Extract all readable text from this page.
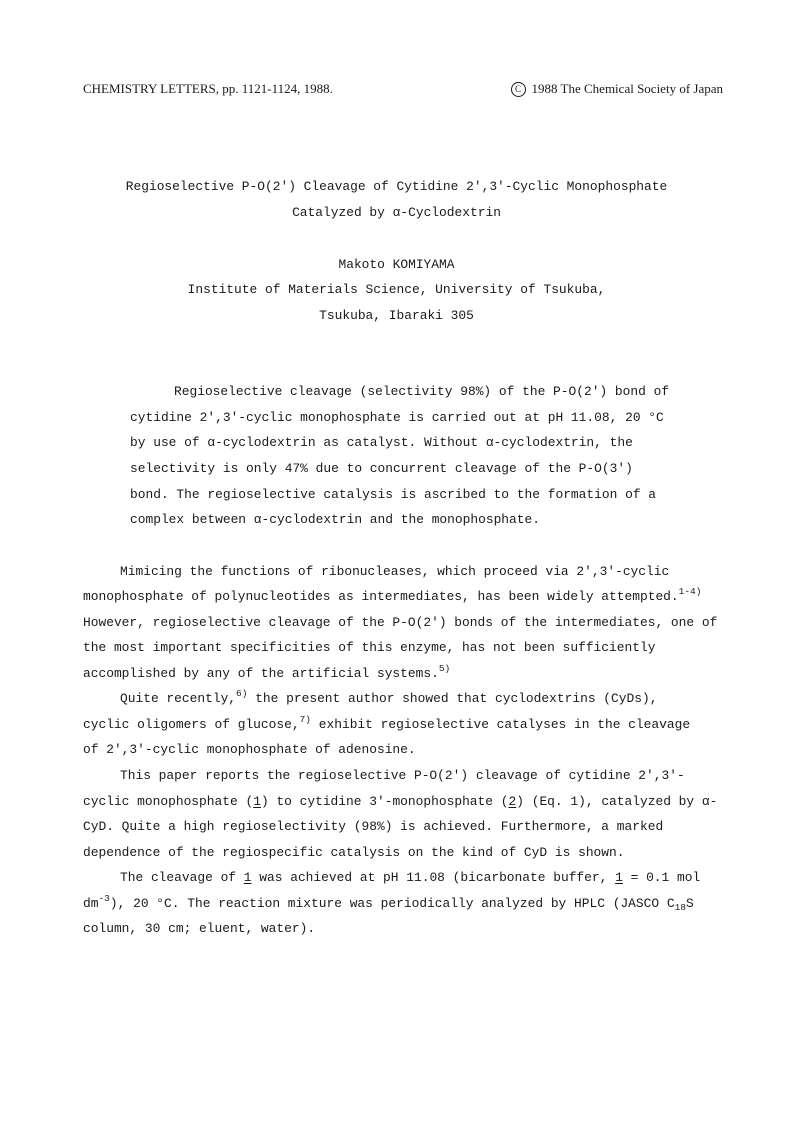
CHEMISTRY LETTERS, pp. 1121-1124, 1988.	C 1988 The Chemical Society of Japan
Regioselective P-O(2') Cleavage of Cytidine 2',3'-Cyclic Monophosphate
Catalyzed by α-Cyclodextrin
Makoto KOMIYAMA
Institute of Materials Science, University of Tsukuba,
Tsukuba, Ibaraki 305
Regioselective cleavage (selectivity 98%) of the P-O(2') bond of
cytidine 2',3'-cyclic monophosphate is carried out at pH 11.08, 20 °C
by use of α-cyclodextrin as catalyst. Without α-cyclodextrin, the
selectivity is only 47% due to concurrent cleavage of the P-O(3')
bond. The regioselective catalysis is ascribed to the formation of a
complex between α-cyclodextrin and the monophosphate.
Mimicing the functions of ribonucleases, which proceed via 2',3'-cyclic
monophosphate of polynucleotides as intermediates, has been widely attempted.$^{1-4)}$
However, regioselective cleavage of the P-O(2') bonds of the intermediates, one of
the most important specificities of this enzyme, has not been sufficiently
accomplished by any of the artificial systems.$^{5)}$
Quite recently,$^{6)}$ the present author showed that cyclodextrins (CyDs),
cyclic oligomers of glucose,$^{7)}$ exhibit regioselective catalyses in the cleavage
of 2',3'-cyclic monophosphate of adenosine.
This paper reports the regioselective P-O(2') cleavage of cytidine 2',3'-
cyclic monophosphate (1) to cytidine 3'-monophosphate (2) (Eq. 1), catalyzed by α-
CyD. Quite a high regioselectivity (98%) is achieved. Furthermore, a marked
dependence of the regiospecific catalysis on the kind of CyD is shown.
The cleavage of 1 was achieved at pH 11.08 (bicarbonate buffer, 1 = 0.1 mol
$dm^{-3}$), 20 °C. The reaction mixture was periodically analyzed by HPLC (JASCO $C_{18}S$
column, 30 cm; eluent, water).
